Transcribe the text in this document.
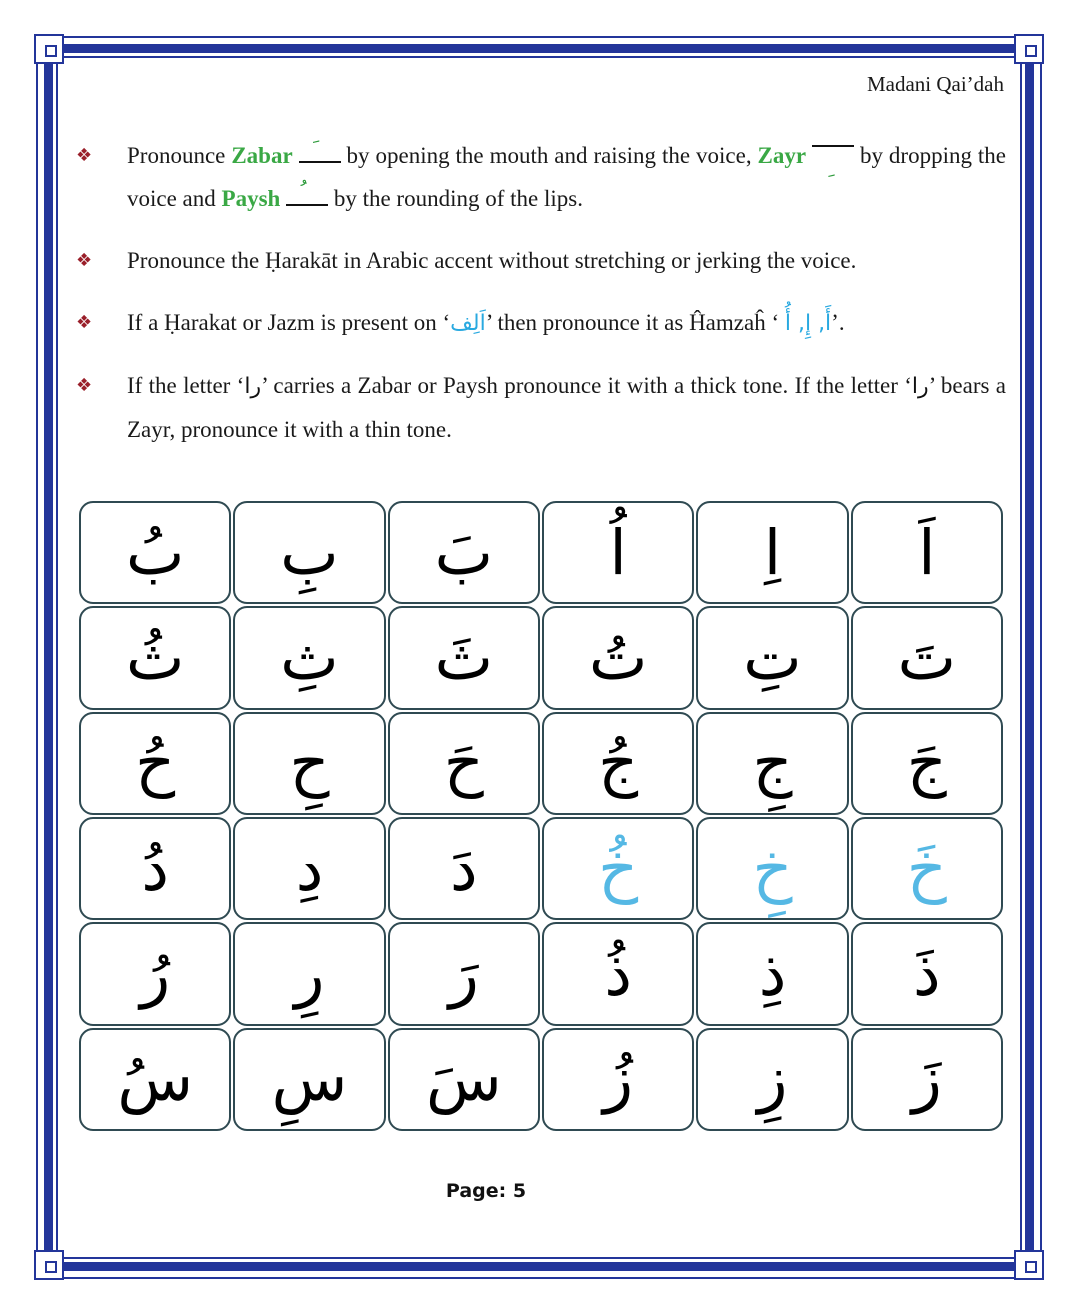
Madani Qai’dah
❖ Pronounce Zabar
by opening the mouth and raising the voice, Zayr
by dropping the voice and Paysh
by the rounding of the lips.
❖ Pronounce the Ḥarakāt in Arabic accent without stretching or jerking the voice.
❖ If a Ḥarakat or Jazm is present on ‘اَلِف’ then pronounce it as Ĥamzaĥ ‘ أَ, إِ, أُ’.
❖ If the letter ‘را’ carries a Zabar or Paysh pronounce it with a thick tone. If the letter ‘را’ bears a Zayr, pronounce it with a thin tone.
ب ب ب ا ا ا
ث ث ث ت ت ت
ح ح ح ج ج ج
د د د خ خ خ
ر ر ر ذ ذ ذ
س س س ز ز ز
Page: 5
